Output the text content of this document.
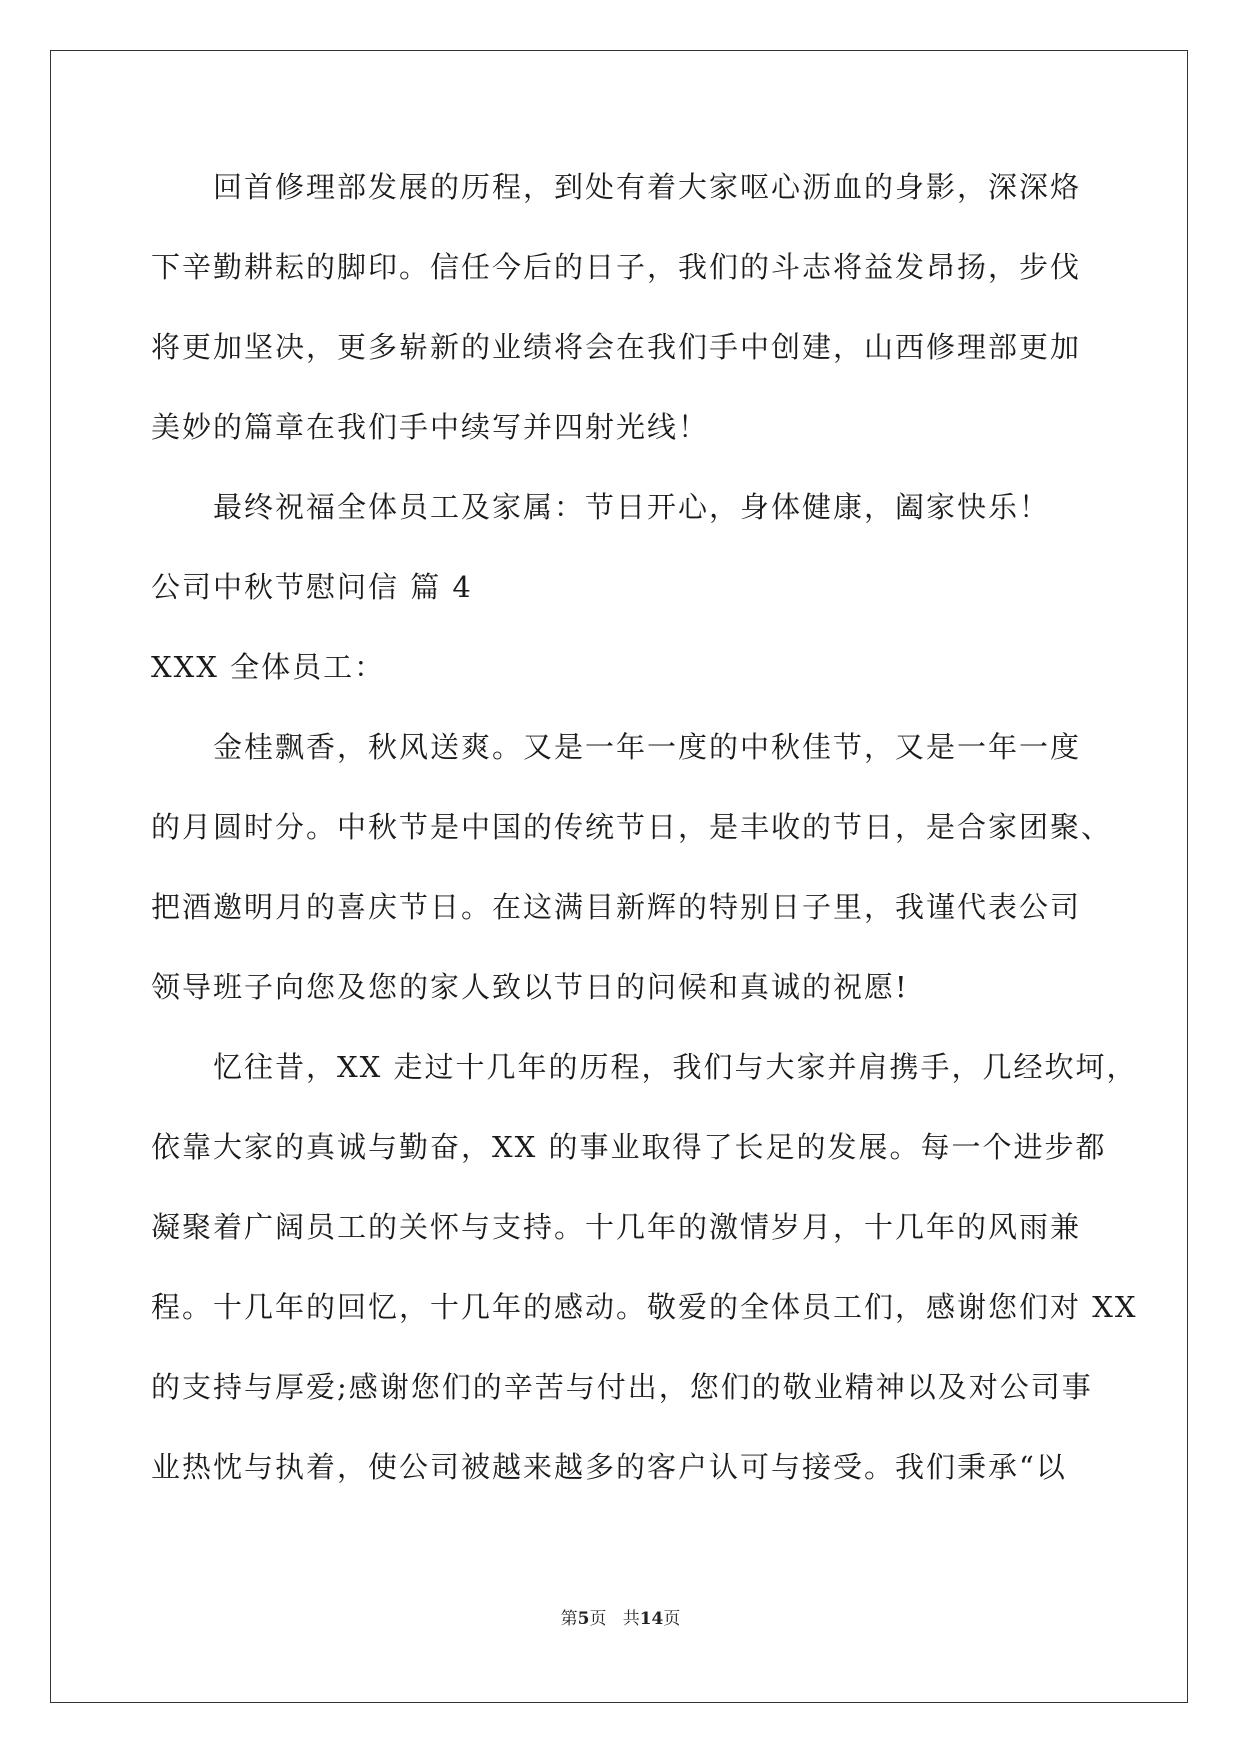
回首修理部发展的历程，到处有着大家呕心沥血的身影，深深烙
下辛勤耕耘的脚印。信任今后的日子，我们的斗志将益发昂扬，步伐
将更加坚决，更多崭新的业绩将会在我们手中创建，山西修理部更加
美妙的篇章在我们手中续写并四射光线！
最终祝福全体员工及家属：节日开心，身体健康，阖家快乐！
公司中秋节慰问信 篇 4
XXX 全体员工：
金桂飘香，秋风送爽。又是一年一度的中秋佳节，又是一年一度
的月圆时分。中秋节是中国的传统节日，是丰收的节日，是合家团聚、
把酒邀明月的喜庆节日。在这满目新辉的特别日子里，我谨代表公司
领导班子向您及您的家人致以节日的问候和真诚的祝愿!
忆往昔，XX 走过十几年的历程，我们与大家并肩携手，几经坎坷，
依靠大家的真诚与勤奋，XX 的事业取得了长足的发展。每一个进步都
凝聚着广阔员工的关怀与支持。十几年的激情岁月，十几年的风雨兼
程。十几年的回忆，十几年的感动。敬爱的全体员工们，感谢您们对 XX
的支持与厚爱;感谢您们的辛苦与付出，您们的敬业精神以及对公司事
业热忱与执着，使公司被越来越多的客户认可与接受。我们秉承“以
第5页 共14页
